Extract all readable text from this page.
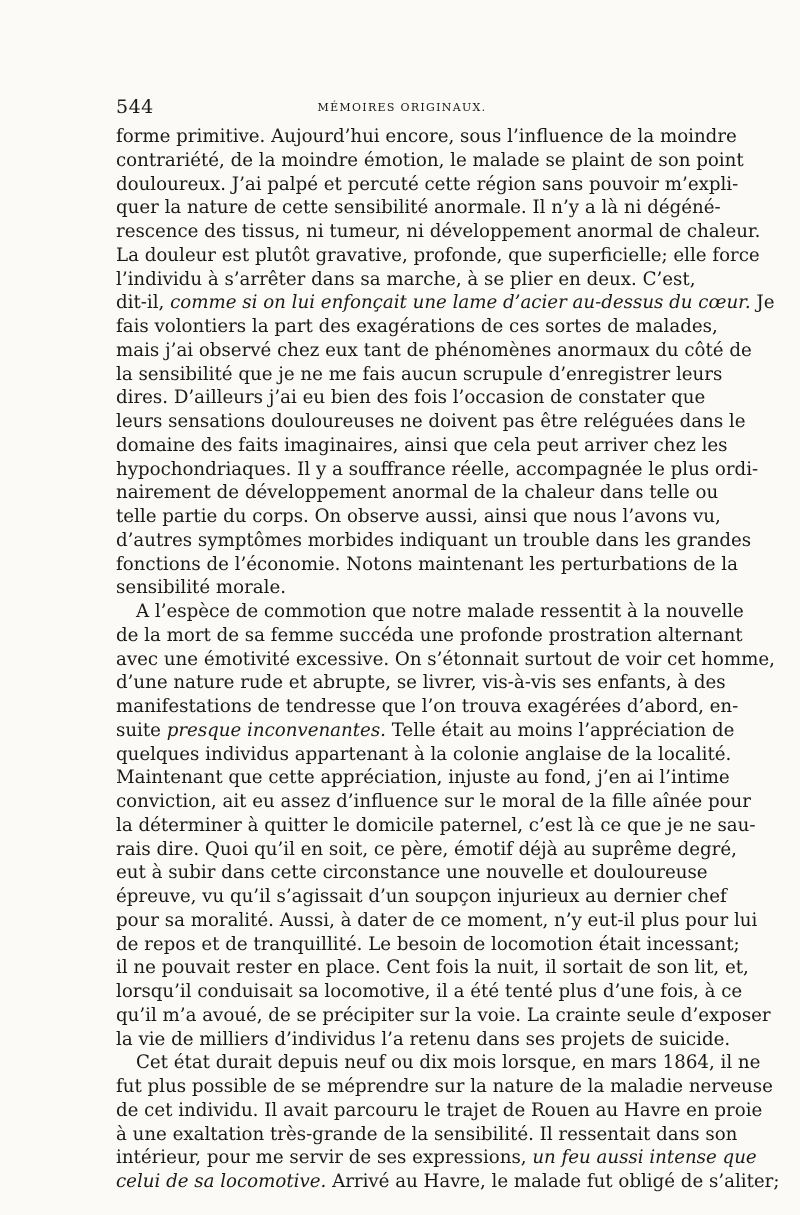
544	MÉMOIRES ORIGINAUX.
forme primitive. Aujourd’hui encore, sous l’influence de la moindre
contrariété, de la moindre émotion, le malade se plaint de son point
douloureux. J’ai palpé et percuté cette région sans pouvoir m’expli-
quer la nature de cette sensibilité anormale. Il n’y a là ni dégéné-
rescence des tissus, ni tumeur, ni développement anormal de chaleur.
La douleur est plutôt gravative, profonde, que superficielle; elle force
l’individu à s’arrêter dans sa marche, à se plier en deux. C’est,
dit-il, comme si on lui enfonçait une lame d’acier au-dessus du cœur. Je
fais volontiers la part des exagérations de ces sortes de malades,
mais j’ai observé chez eux tant de phénomènes anormaux du côté de
la sensibilité que je ne me fais aucun scrupule d’enregistrer leurs
dires. D’ailleurs j’ai eu bien des fois l’occasion de constater que
leurs sensations douloureuses ne doivent pas être reléguées dans le
domaine des faits imaginaires, ainsi que cela peut arriver chez les
hypochondriaques. Il y a souffrance réelle, accompagnée le plus ordi-
nairement de développement anormal de la chaleur dans telle ou
telle partie du corps. On observe aussi, ainsi que nous l’avons vu,
d’autres symptômes morbides indiquant un trouble dans les grandes
fonctions de l’économie. Notons maintenant les perturbations de la
sensibilité morale.
A l’espèce de commotion que notre malade ressentit à la nouvelle
de la mort de sa femme succéda une profonde prostration alternant
avec une émotivité excessive. On s’étonnait surtout de voir cet homme,
d’une nature rude et abrupte, se livrer, vis-à-vis ses enfants, à des
manifestations de tendresse que l’on trouva exagérées d’abord, en-
suite presque inconvenantes. Telle était au moins l’appréciation de
quelques individus appartenant à la colonie anglaise de la localité.
Maintenant que cette appréciation, injuste au fond, j’en ai l’intime
conviction, ait eu assez d’influence sur le moral de la fille aînée pour
la déterminer à quitter le domicile paternel, c’est là ce que je ne sau-
rais dire. Quoi qu’il en soit, ce père, émotif déjà au suprême degré,
eut à subir dans cette circonstance une nouvelle et douloureuse
épreuve, vu qu’il s’agissait d’un soupçon injurieux au dernier chef
pour sa moralité. Aussi, à dater de ce moment, n’y eut-il plus pour lui
de repos et de tranquillité. Le besoin de locomotion était incessant;
il ne pouvait rester en place. Cent fois la nuit, il sortait de son lit, et,
lorsqu’il conduisait sa locomotive, il a été tenté plus d’une fois, à ce
qu’il m’a avoué, de se précipiter sur la voie. La crainte seule d’exposer
la vie de milliers d’individus l’a retenu dans ses projets de suicide.
Cet état durait depuis neuf ou dix mois lorsque, en mars 1864, il ne
fut plus possible de se méprendre sur la nature de la maladie nerveuse
de cet individu. Il avait parcouru le trajet de Rouen au Havre en proie
à une exaltation très-grande de la sensibilité. Il ressentait dans son
intérieur, pour me servir de ses expressions, un feu aussi intense que
celui de sa locomotive. Arrivé au Havre, le malade fut obligé de s’aliter;
